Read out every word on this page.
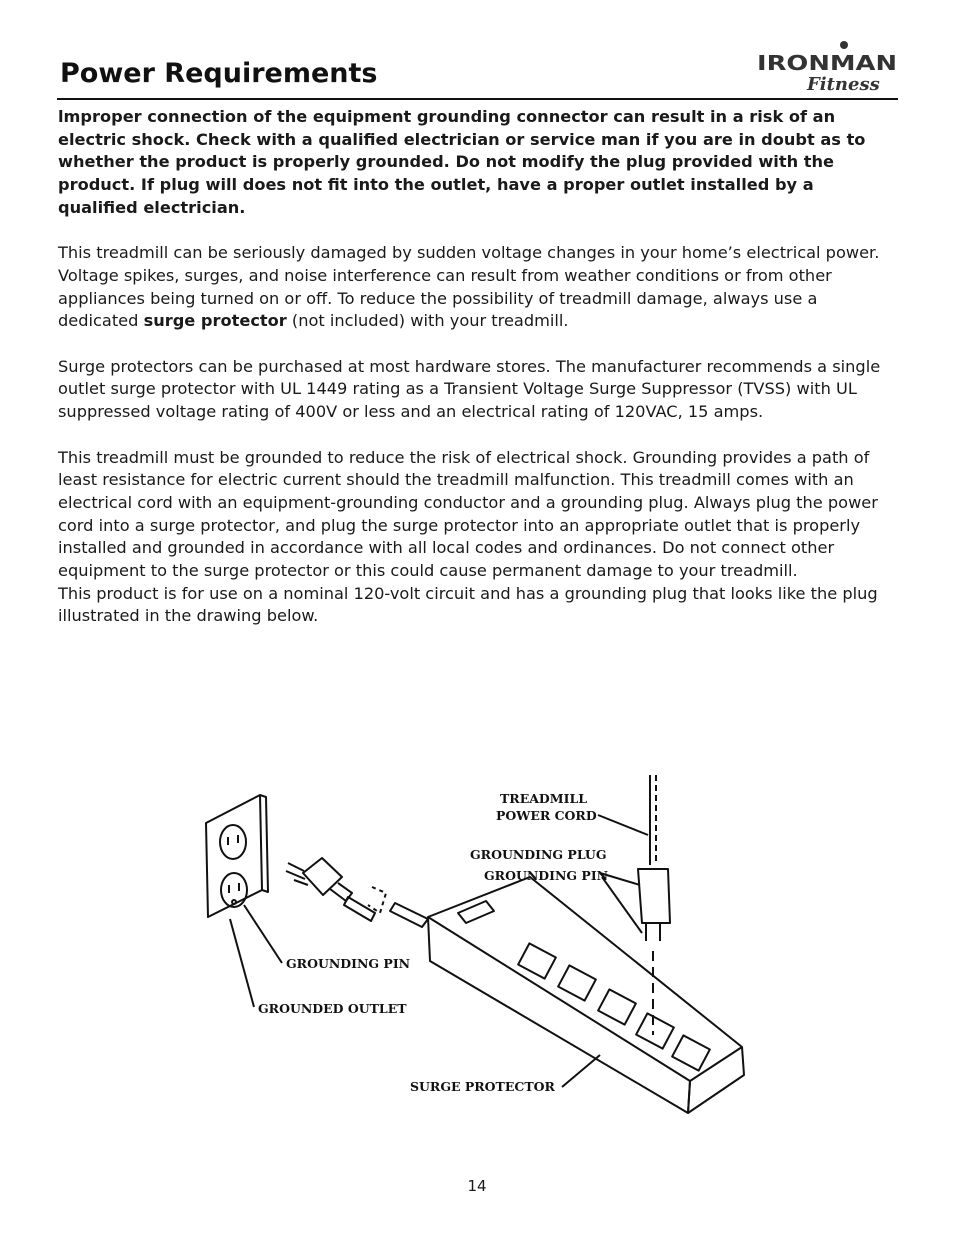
Power Requirements	IRONMAN
Fitness

lmproper connection of the equipment grounding connector can result in a risk of an electric shock. Check with a qualified electrician or service man if you are in doubt as to whether the product is properly grounded. Do not modify the plug provided with the product. If plug will does not fit into the outlet, have a proper outlet installed by a qualified electrician.

This treadmill can be seriously damaged by sudden voltage changes in your home’s electrical power. Voltage spikes, surges, and noise interference can result from weather conditions or from other appliances being turned on or off. To reduce the possibility of treadmill damage, always use a dedicated surge protector (not included) with your treadmill.

Surge protectors can be purchased at most hardware stores. The manufacturer recommends a single outlet surge protector with UL 1449 rating as a Transient Voltage Surge Suppressor (TVSS) with UL suppressed voltage rating of 400V or less and an electrical rating of 120VAC, 15 amps.

This treadmill must be grounded to reduce the risk of electrical shock. Grounding provides a path of least resistance for electric current should the treadmill malfunction. This treadmill comes with an electrical cord with an equipment-grounding conductor and a grounding plug. Always plug the power cord into a surge protector, and plug the surge protector into an appropriate outlet that is properly installed and grounded in accordance with all local codes and ordinances. Do not connect other equipment to the surge protector or this could cause permanent damage to your treadmill.

This product is for use on a nominal 120-volt circuit and has a grounding plug that looks like the plug illustrated in the drawing below.

TREADMILL
POWER CORD
GROUNDING PLUG
GROUNDING PIN
GROUNDING PIN
GROUNDED OUTLET
SURGE PROTECTOR
14
